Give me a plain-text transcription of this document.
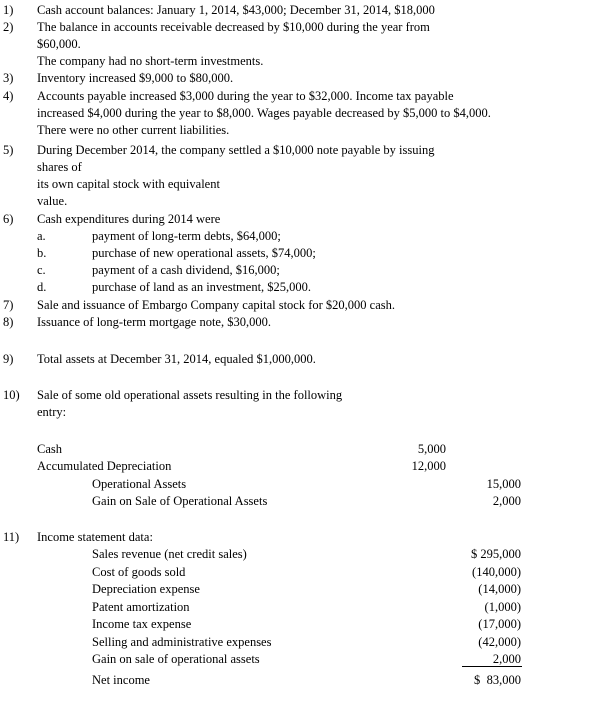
1) Cash account balances: January 1, 2014, $43,000; December 31, 2014, $18,000
2) The balance in accounts receivable decreased by $10,000 during the year from
$60,000.
The company had no short-term investments.
3) Inventory increased $9,000 to $80,000.
4) Accounts payable increased $3,000 during the year to $32,000. Income tax payable
increased $4,000 during the year to $8,000. Wages payable decreased by $5,000 to $4,000.
There were no other current liabilities.
5) During December 2014, the company settled a $10,000 note payable by issuing
shares of
its own capital stock with equivalent
value.
6) Cash expenditures during 2014 were
a.	payment of long-term debts, $64,000;
b.	purchase of new operational assets, $74,000;
c.	payment of a cash dividend, $16,000;
d.	purchase of land as an investment, $25,000.
7) Sale and issuance of Embargo Company capital stock for $20,000 cash.
8) Issuance of long-term mortgage note, $30,000.
9) Total assets at December 31, 2014, equaled $1,000,000.
10) Sale of some old operational assets resulting in the following
entry:
Cash	5,000
Accumulated Depreciation	12,000
Operational Assets	15,000
Gain on Sale of Operational Assets	2,000
11) Income statement data:
Sales revenue (net credit sales)	$ 295,000
Cost of goods sold	(140,000)
Depreciation expense	(14,000)
Patent amortization	(1,000)
Income tax expense	(17,000)
Selling and administrative expenses	(42,000)
Gain on sale of operational assets	2,000
Net income	$ 83,000
